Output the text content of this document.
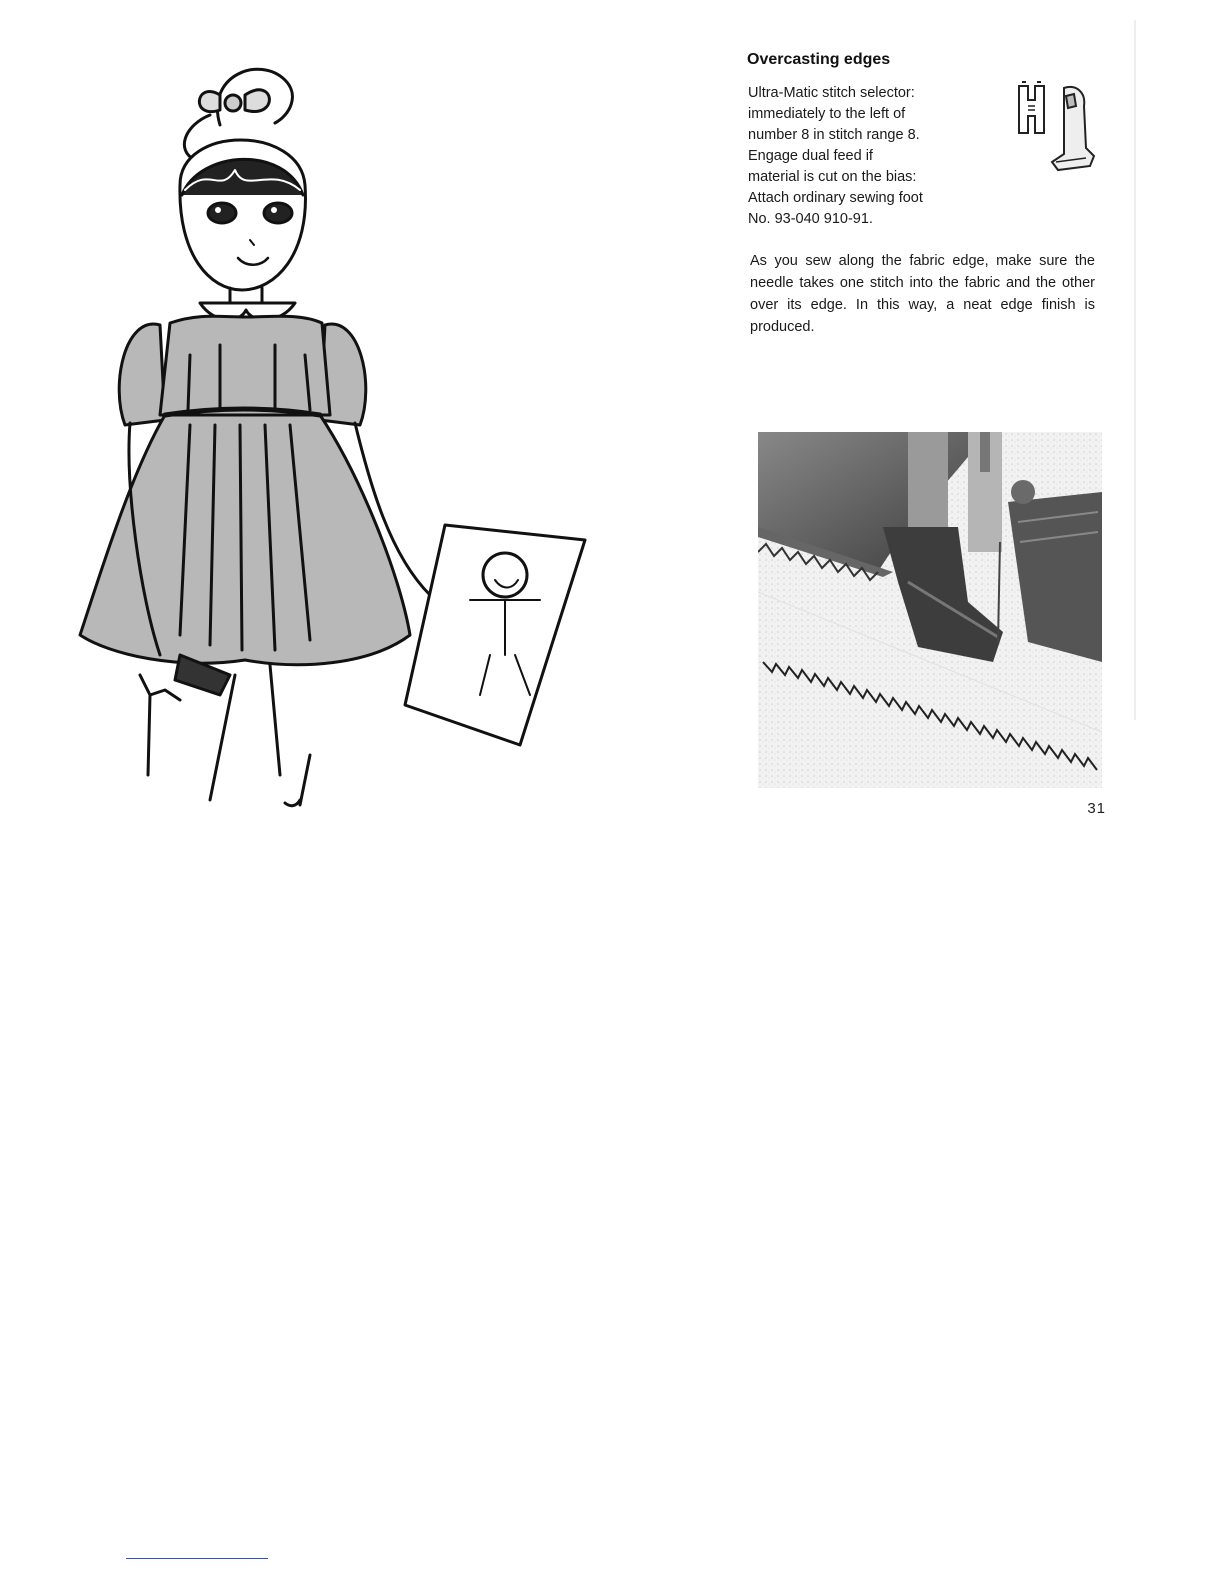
Overcasting edges

Ultra-Matic stitch selector:
immediately to the left of
number 8 in stitch range 8.
Engage dual feed if
material is cut on the bias:
Attach ordinary sewing foot
No. 93-040 910-91.

As you sew along the fabric edge, make sure the needle takes one stitch into the fabric and the other over its edge. In this way, a neat edge finish is produced.

31
